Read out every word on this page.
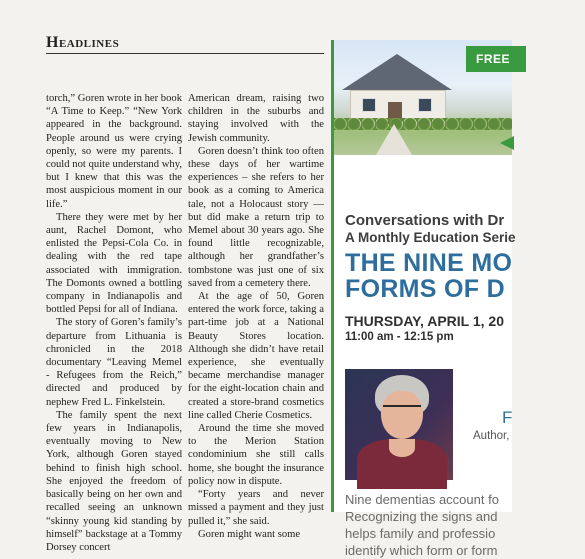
Headlines

torch,” Goren wrote in her book “A Time to Keep.” “New York appeared in the background. People around us were crying openly, so were my parents. I could not quite understand why, but I knew that this was the most auspicious moment in our life.”

There they were met by her aunt, Rachel Domont, who enlisted the Pepsi-Cola Co. in dealing with the red tape associated with immigration. The Domonts owned a bottling company in Indianapolis and bottled Pepsi for all of Indiana.

The story of Goren’s family’s departure from Lithuania is chronicled in the 2018 documentary “Leaving Memel - Refugees from the Reich,” directed and produced by nephew Fred L. Finkelstein.

The family spent the next few years in Indianapolis, eventually moving to New York, although Goren stayed behind to finish high school. She enjoyed the freedom of basically being on her own and recalled seeing an unknown “skinny young kid standing by himself” backstage at a Tommy Dorsey concert

American dream, raising two children in the suburbs and staying involved with the Jewish community.

Goren doesn’t think too often these days of her wartime experiences – she refers to her book as a coming to America tale, not a Holocaust story — but did make a return trip to Memel about 30 years ago. She found little recognizable, although her grandfather’s tombstone was just one of six saved from a cemetery there.

At the age of 50, Goren entered the work force, taking a part-time job at a National Beauty Stores location. Although she didn’t have retail experience, she eventually became merchandise manager for the eight-location chain and created a store-brand cosmetics line called Cherie Cosmetics.

Around the time she moved to the Merion Station condominium she still calls home, she bought the insurance policy now in dispute.

“Forty years and never missed a payment and they just pulled it,” she said.

Goren might want some

FREE
Conversations with Dr
A Monthly Education Serie
THE NINE MO
FORMS OF D
THURSDAY, APRIL 1, 20
11:00 am - 12:15 pm
F
Author,
Nine dementias account fo
Recognizing the signs and
helps family and professio
identify which form or form
